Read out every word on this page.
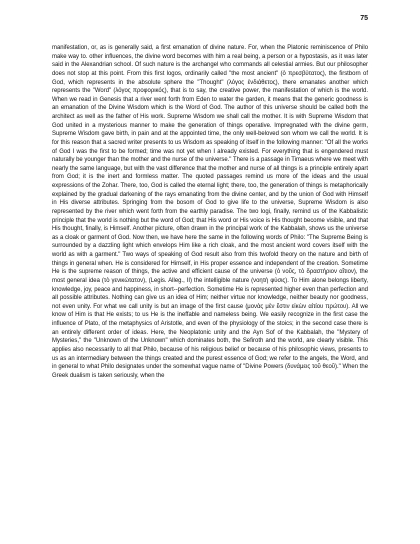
75

manifestation, or, as is generally said, a first emanation of divine nature. For, when the Platonic reminiscence of Philo make way to. other influences, the divine word becomes with him a real being, a person or a hypostasis, as it was later said in the Alexandrian school. Of such nature is the archangel who commands all celestial armies. But our philosopher does not stop at this point. From this first logos, ordinarily called "the most ancient" (ὁ πρεσβύτατος), the firstborn of God, which represents in the absolute sphere the "Thought" (λόγος ἐνδιάθετος), there emanates another which represents the "Word" (λόγος προφορικός), that is to say, the creative power, the manifestation of which is the world. When we read in Genesis that a river went forth from Eden to water the garden, it means that the generic goodness is an emanation of the Divine Wisdom which is the Word of God. The author of this universe should be called both the architect as well as the father of His work. Supreme Wisdom we shall call the mother. It is with Supreme Wisdom that God united in a mysterious manner to make the generation of things operative. Impregnated with the divine germ, Supreme Wisdom gave birth, in pain and at the appointed time, the only well-beloved son whom we call the world. It is for this reason that a sacred writer presents to us Wisdom as speaking of itself in the following manner: "Of all the works of God I was the first to be formed; time was not yet when I already existed. For everything that is engendered must naturally be younger than the mother and the nurse of the universe." There is a passage in Timaeus where we meet with nearly the same language, but with the vast difference that the mother and nurse of all things is a principle entirely apart from God; it is the inert and formless matter. The quoted passages remind us more of the ideas and the usual expressions of the Zohar. There, too, God is called the eternal light; there, too, the generation of things is metaphorically explained by the gradual darkening of the rays emanating from the divine center, and by the union of God with Himself in His diverse attributes. Springing from the bosom of God to give life to the universe, Supreme Wisdom is also represented by the river which went forth from the earthly paradise. The two logi, finally, remind us of the Kabbalistic principle that the world is nothing but the word of God; that His word or His voice is His thought become visible, and that His thought, finally, is Himself. Another picture, often drawn in the principal work of the Kabbalah, shows us the universe as a cloak or garment of God. Now then, we have here the same in the following words of Philo: "The Supreme Being is surrounded by a dazzling light which envelops Him like a rich cloak, and the most ancient word covers itself with the world as with a garment." Two ways of speaking of God result also from this twofold theory on the nature and birth of things in general when. He is considered for Himself, in His proper essence and independent of the creation. Sometime He is the supreme reason of things, the active and efficient cause of the universe (ὁ νοῦς, τὸ δραστήριον αἴτιον), the most general idea (τὸ γενικώτατον), (Legis. Alleg., II) the intelligible nature (νοητὴ φύσις). To Him alone belongs liberty, knowledge, joy, peace and happiness, in short--perfection. Sometime He is represented higher even than perfection and all possible attributes. Nothing can give us an idea of Him; neither virtue nor knowledge, neither beauty nor goodness, not even unity. For what we call unity is but an image of the first cause (μονὰς μὲν ἔστιν εἰκὼν αἰτίου πρώτου). All we know of Him is that He exists; to us He is the ineffable and nameless being. We easily recognize in the first case the influence of Plato, of the metaphysics of Aristotle, and even of the physiology of the stoics; in the second case there is an entirely different order of ideas. Here, the Neoplatonic unity and the Ayn Sof of the Kabbalah, the "Mystery of Mysteries," the "Unknown of the Unknown" which dominates both, the Sefiroth and the world, are clearly visible. This applies also necessarily to all that Philo, because of his religious belief or because of his philosophic views, presents to us as an intermediary between the things created and the purest essence of God; we refer to the angels, the Word, and in general to what Philo designates under the somewhat vague name of "Divine Powers (δυνάμεις τοῦ θεοῦ)." When the Greek dualism is taken seriously, when the
